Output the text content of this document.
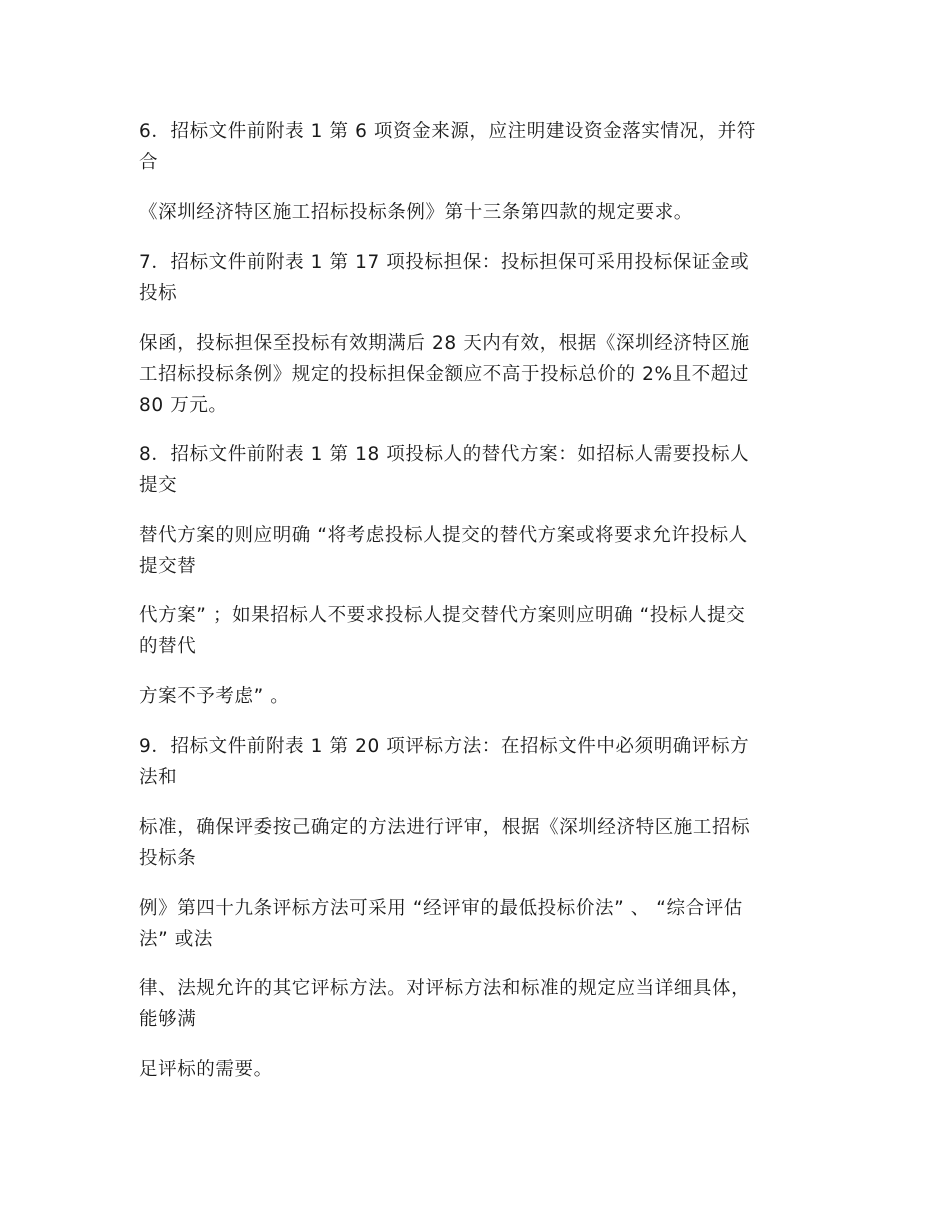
6．招标文件前附表 1 第 6 项资金来源，应注明建设资金落实情况，并符
合
《深圳经济特区施工招标投标条例》第十三条第四款的规定要求。
7．招标文件前附表 1 第 17 项投标担保：投标担保可采用投标保证金或
投标
保函，投标担保至投标有效期满后 28 天内有效，根据《深圳经济特区施
工招标投标条例》规定的投标担保金额应不高于投标总价的 2%且不超过
80 万元。
8．招标文件前附表 1 第 18 项投标人的替代方案：如招标人需要投标人
提交
替代方案的则应明确 “将考虑投标人提交的替代方案或将要求允许投标人
提交替
代方案” ；如果招标人不要求投标人提交替代方案则应明确 “投标人提交
的替代
方案不予考虑” 。
9．招标文件前附表 1 第 20 项评标方法：在招标文件中必须明确评标方
法和
标准，确保评委按己确定的方法进行评审，根据《深圳经济特区施工招标
投标条
例》第四十九条评标方法可采用 “经评审的最低投标价法” 、 “综合评估
法” 或法
律、法规允许的其它评标方法。对评标方法和标准的规定应当详细具体，
能够满
足评标的需要。
